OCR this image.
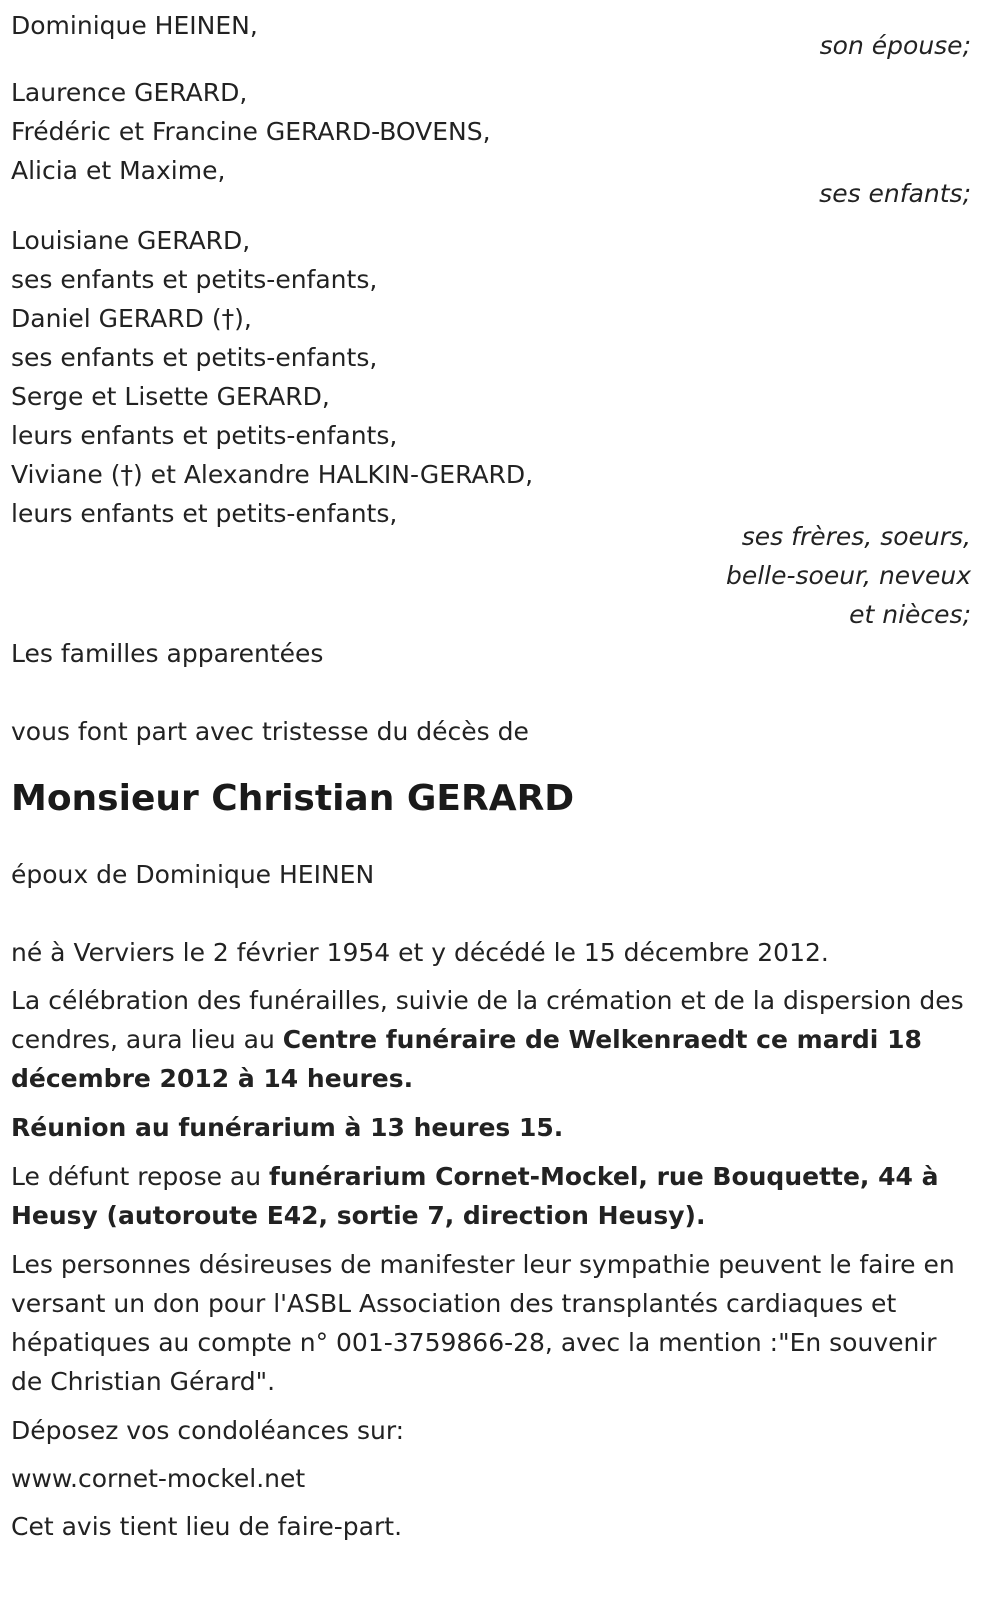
Dominique HEINEN,
son épouse;
Laurence GERARD,
Frédéric et Francine GERARD-BOVENS,
Alicia et Maxime,
ses enfants;
Louisiane GERARD,
ses enfants et petits-enfants,
Daniel GERARD (†),
ses enfants et petits-enfants,
Serge et Lisette GERARD,
leurs enfants et petits-enfants,
Viviane (†) et Alexandre HALKIN-GERARD,
leurs enfants et petits-enfants,
ses frères, soeurs,
belle-soeur, neveux
et nièces;
Les familles apparentées
vous font part avec tristesse du décès de
Monsieur Christian GERARD
époux de Dominique HEINEN
né à Verviers le 2 février 1954 et y décédé le 15 décembre 2012.

La célébration des funérailles, suivie de la crémation et de la dispersion des cendres, aura lieu au Centre funéraire de Welkenraedt ce mardi 18 décembre 2012 à 14 heures.

Réunion au funérarium à 13 heures 15.

Le défunt repose au funérarium Cornet-Mockel, rue Bouquette, 44 à Heusy (autoroute E42, sortie 7, direction Heusy).

Les personnes désireuses de manifester leur sympathie peuvent le faire en versant un don pour l'ASBL Association des transplantés cardiaques et hépatiques au compte n° 001-3759866-28, avec la mention :"En souvenir de Christian Gérard".

Déposez vos condoléances sur:

www.cornet-mockel.net

Cet avis tient lieu de faire-part.
